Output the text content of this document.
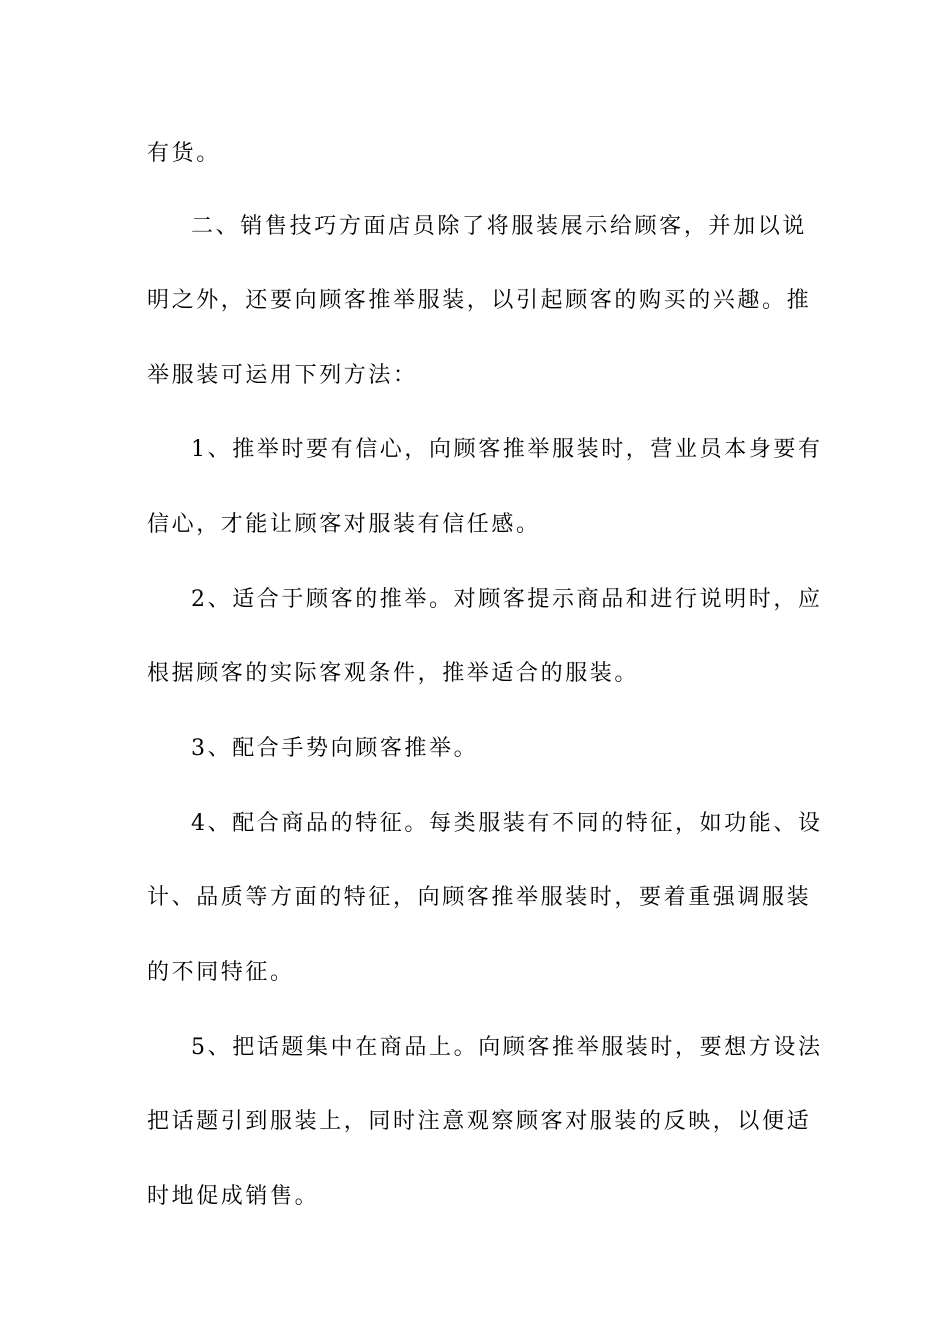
有货。
二、销售技巧方面店员除了将服装展示给顾客，并加以说
明之外，还要向顾客推举服装，以引起顾客的购买的兴趣。推
举服装可运用下列方法：
1、推举时要有信心，向顾客推举服装时，营业员本身要有
信心，才能让顾客对服装有信任感。
2、适合于顾客的推举。对顾客提示商品和进行说明时，应
根据顾客的实际客观条件，推举适合的服装。
3、配合手势向顾客推举。
4、配合商品的特征。每类服装有不同的特征，如功能、设
计、品质等方面的特征，向顾客推举服装时，要着重强调服装
的不同特征。
5、把话题集中在商品上。向顾客推举服装时，要想方设法
把话题引到服装上，同时注意观察顾客对服装的反映，以便适
时地促成销售。
